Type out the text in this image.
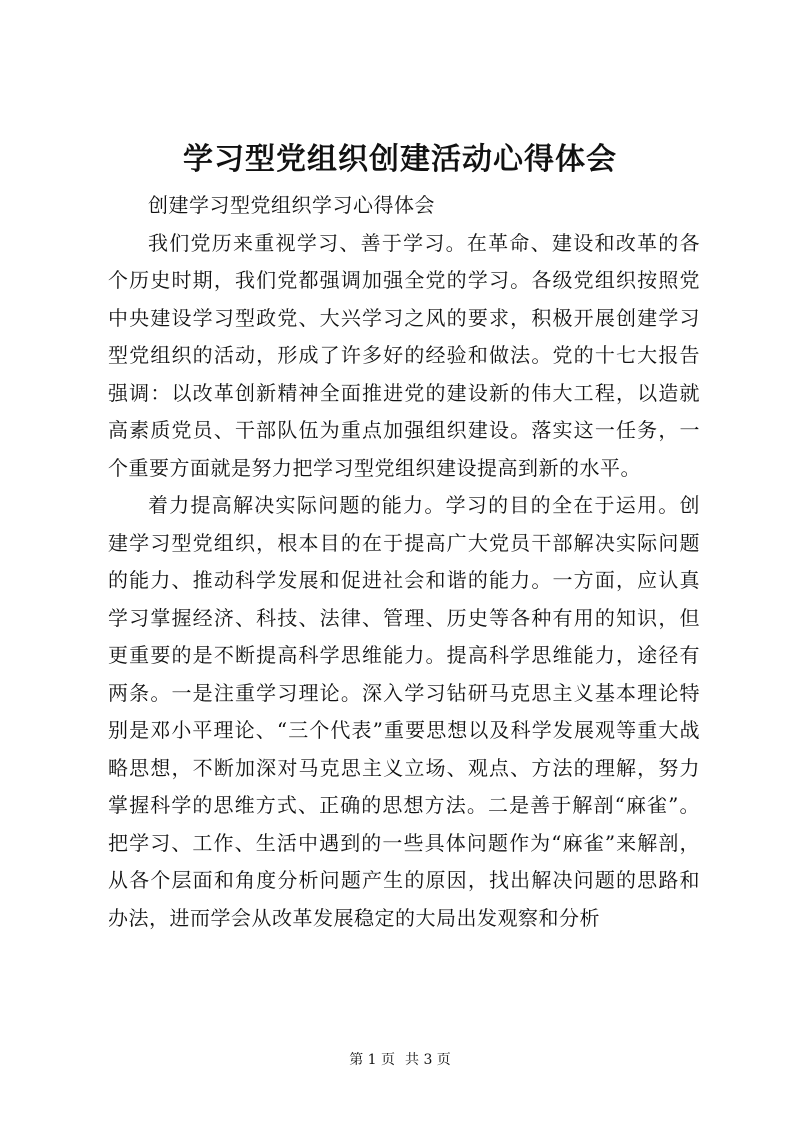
学习型党组织创建活动心得体会

创建学习型党组织学习心得体会

我们党历来重视学习、善于学习。在革命、建设和改革的各个历史时期，我们党都强调加强全党的学习。各级党组织按照党中央建设学习型政党、大兴学习之风的要求，积极开展创建学习型党组织的活动，形成了许多好的经验和做法。党的十七大报告强调：以改革创新精神全面推进党的建设新的伟大工程，以造就高素质党员、干部队伍为重点加强组织建设。落实这一任务，一个重要方面就是努力把学习型党组织建设提高到新的水平。

着力提高解决实际问题的能力。学习的目的全在于运用。创建学习型党组织，根本目的在于提高广大党员干部解决实际问题的能力、推动科学发展和促进社会和谐的能力。一方面，应认真学习掌握经济、科技、法律、管理、历史等各种有用的知识，但更重要的是不断提高科学思维能力。提高科学思维能力，途径有两条。一是注重学习理论。深入学习钻研马克思主义基本理论特别是邓小平理论、“三个代表”重要思想以及科学发展观等重大战略思想，不断加深对马克思主义立场、观点、方法的理解，努力掌握科学的思维方式、正确的思想方法。二是善于解剖“麻雀”。把学习、工作、生活中遇到的一些具体问题作为“麻雀”来解剖，从各个层面和角度分析问题产生的原因，找出解决问题的思路和办法，进而学会从改革发展稳定的大局出发观察和分析

第 1 页 共 3 页
